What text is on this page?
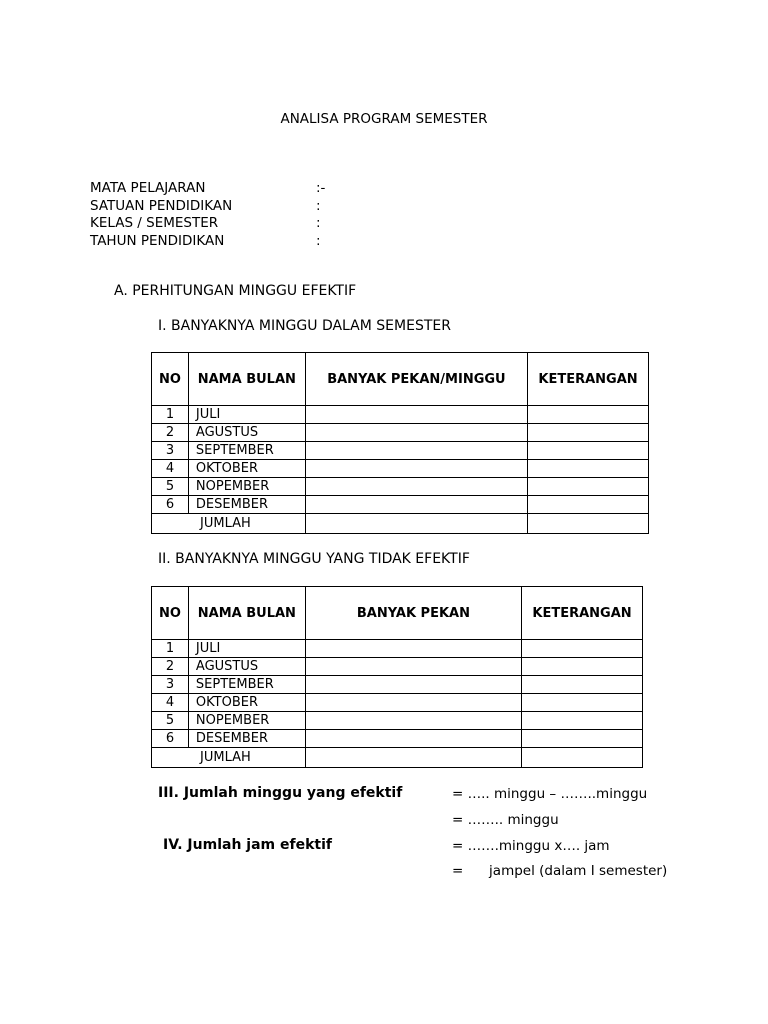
ANALISA PROGRAM SEMESTER
MATA PELAJARAN	:-
SATUAN PENDIDIKAN	:
KELAS / SEMESTER	:
TAHUN PENDIDIKAN	:
A. PERHITUNGAN MINGGU EFEKTIF
I. BANYAKNYA MINGGU DALAM SEMESTER
NO	NAMA BULAN	BANYAK PEKAN/MINGGU	KETERANGAN
1	JULI		
2	AGUSTUS		
3	SEPTEMBER		
4	OKTOBER		
5	NOPEMBER		
6	DESEMBER		
JUMLAH			
II. BANYAKNYA MINGGU YANG TIDAK EFEKTIF
NO	NAMA BULAN	BANYAK PEKAN	KETERANGAN
1	JULI		
2	AGUSTUS		
3	SEPTEMBER		
4	OKTOBER		
5	NOPEMBER		
6	DESEMBER		
JUMLAH			
III. Jumlah minggu yang efektif	= ….. minggu – ……..minggu
= …….. minggu
IV. Jumlah jam efektif	= …….minggu x…. jam
=      jampel (dalam I semester)
